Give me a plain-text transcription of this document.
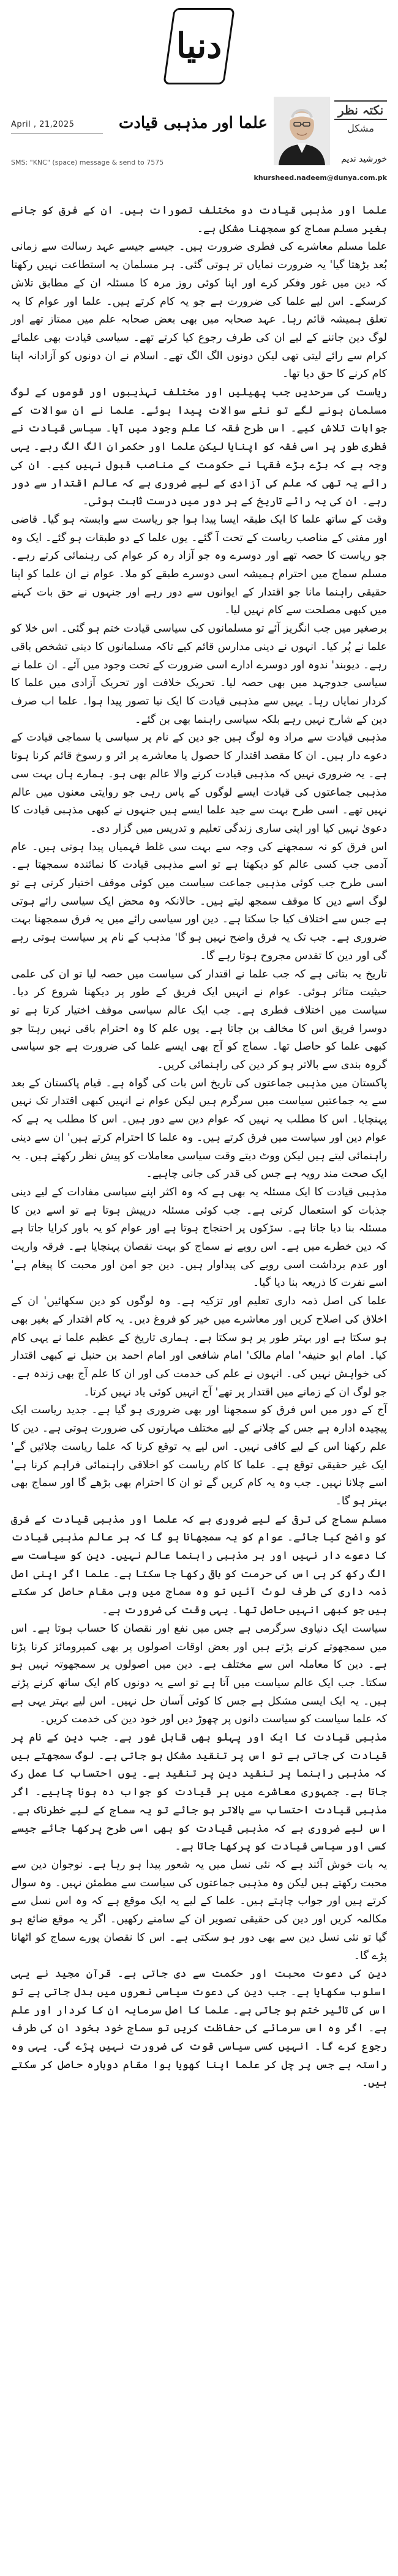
دنیا
April , 21,2025
SMS: "KNC" (space) message & send to 7575
علما اور مذہبی قیادت
نکتہ نظر
مشکل
خورشید ندیم
khursheed.nadeem@dunya.com.pk

علما اور مذہبی قیادت دو مختلف تصورات ہیں۔ ان کے فرق کو جانے بغیر مسلم سماج کو سمجھنا مشکل ہے۔

علما مسلم معاشرے کی فطری ضرورت ہیں۔ جیسے جیسے عہد رسالت سے زمانی بُعد بڑھتا گیا' یہ ضرورت نمایاں تر ہوتی گئی۔ ہر مسلمان یہ استطاعت نہیں رکھتا کہ دین میں غور وفکر کرے اور اپنا کوئی روز مرہ کا مسئلہ ان کے مطابق تلاش کرسکے۔ اس لیے علما کی ضرورت ہے جو یہ کام کرتے ہیں۔ علما اور عوام کا یہ تعلق ہمیشہ قائم رہا۔ عہد صحابہ میں بھی بعض صحابہ علم میں ممتاز تھے اور لوگ دین جاننے کے لیے ان کی طرف رجوع کیا کرتے تھے۔ سیاسی قیادت بھی علمائے کرام سے رائے لیتی تھی لیکن دونوں الگ الگ تھے۔ اسلام نے ان دونوں کو آزادانہ اپنا کام کرنے کا حق دیا تھا۔

ریاست کی سرحدیں جب پھیلیں اور مختلف تہذیبوں اور قوموں کے لوگ مسلمان ہونے لگے تو نئے سوالات پیدا ہوئے۔ علما نے ان سوالات کے جوابات تلاش کیے۔ اس طرح فقہ کا علم وجود میں آیا۔ سیاسی قیادت نے فطری طور پر اسی فقہ کو اپنایا لیکن علما اور حکمران الگ الگ رہے۔ یہی وجہ ہے کہ بڑے بڑے فقہا نے حکومت کے مناصب قبول نہیں کیے۔ ان کی رائے یہ تھی کہ علم کی آزادی کے لیے ضروری ہے کہ عالم اقتدار سے دور رہے۔ ان کی یہ رائے تاریخ کے ہر دور میں درست ثابت ہوئی۔

وقت کے ساتھ علما کا ایک طبقہ ایسا پیدا ہوا جو ریاست سے وابستہ ہو گیا۔ قاضی اور مفتی کے مناصب ریاست کے تحت آ گئے۔ یوں علما کے دو طبقات ہو گئے۔ ایک وہ جو ریاست کا حصہ تھے اور دوسرے وہ جو آزاد رہ کر عوام کی رہنمائی کرتے رہے۔ مسلم سماج میں احترام ہمیشہ اسی دوسرے طبقے کو ملا۔ عوام نے ان علما کو اپنا حقیقی راہنما مانا جو اقتدار کے ایوانوں سے دور رہے اور جنہوں نے حق بات کہنے میں کبھی مصلحت سے کام نہیں لیا۔

برصغیر میں جب انگریز آئے تو مسلمانوں کی سیاسی قیادت ختم ہو گئی۔ اس خلا کو علما نے پُر کیا۔ انہوں نے دینی مدارس قائم کیے تاکہ مسلمانوں کا دینی تشخص باقی رہے۔ دیوبند' ندوہ اور دوسرے ادارے اسی ضرورت کے تحت وجود میں آئے۔ ان علما نے سیاسی جدوجہد میں بھی حصہ لیا۔ تحریک خلافت اور تحریک آزادی میں علما کا کردار نمایاں رہا۔ یہیں سے مذہبی قیادت کا ایک نیا تصور پیدا ہوا۔ علما اب صرف دین کے شارح نہیں رہے بلکہ سیاسی راہنما بھی بن گئے۔

مذہبی قیادت سے مراد وہ لوگ ہیں جو دین کے نام پر سیاسی یا سماجی قیادت کے دعوے دار ہیں۔ ان کا مقصد اقتدار کا حصول یا معاشرے پر اثر و رسوخ قائم کرنا ہوتا ہے۔ یہ ضروری نہیں کہ مذہبی قیادت کرنے والا عالم بھی ہو۔ ہمارے ہاں بہت سی مذہبی جماعتوں کی قیادت ایسے لوگوں کے پاس رہی جو روایتی معنوں میں عالم نہیں تھے۔ اسی طرح بہت سے جید علما ایسے ہیں جنہوں نے کبھی مذہبی قیادت کا دعویٰ نہیں کیا اور اپنی ساری زندگی تعلیم و تدریس میں گزار دی۔

اس فرق کو نہ سمجھنے کی وجہ سے بہت سی غلط فہمیاں پیدا ہوتی ہیں۔ عام آدمی جب کسی عالم کو دیکھتا ہے تو اسے مذہبی قیادت کا نمائندہ سمجھتا ہے۔ اسی طرح جب کوئی مذہبی جماعت سیاست میں کوئی موقف اختیار کرتی ہے تو لوگ اسے دین کا موقف سمجھ لیتے ہیں۔ حالانکہ وہ محض ایک سیاسی رائے ہوتی ہے جس سے اختلاف کیا جا سکتا ہے۔ دین اور سیاسی رائے میں یہ فرق سمجھنا بہت ضروری ہے۔ جب تک یہ فرق واضح نہیں ہو گا' مذہب کے نام پر سیاست ہوتی رہے گی اور دین کا تقدس مجروح ہوتا رہے گا۔

تاریخ یہ بتاتی ہے کہ جب علما نے اقتدار کی سیاست میں حصہ لیا تو ان کی علمی حیثیت متاثر ہوئی۔ عوام نے انہیں ایک فریق کے طور پر دیکھنا شروع کر دیا۔ سیاست میں اختلاف فطری ہے۔ جب ایک عالم سیاسی موقف اختیار کرتا ہے تو دوسرا فریق اس کا مخالف بن جاتا ہے۔ یوں علم کا وہ احترام باقی نہیں رہتا جو کبھی علما کو حاصل تھا۔ سماج کو آج بھی ایسے علما کی ضرورت ہے جو سیاسی گروہ بندی سے بالاتر ہو کر دین کی راہنمائی کریں۔

پاکستان میں مذہبی جماعتوں کی تاریخ اس بات کی گواہ ہے۔ قیام پاکستان کے بعد سے یہ جماعتیں سیاست میں سرگرم ہیں لیکن عوام نے انہیں کبھی اقتدار تک نہیں پہنچایا۔ اس کا مطلب یہ نہیں کہ عوام دین سے دور ہیں۔ اس کا مطلب یہ ہے کہ عوام دین اور سیاست میں فرق کرتے ہیں۔ وہ علما کا احترام کرتے ہیں' ان سے دینی راہنمائی لیتے ہیں لیکن ووٹ دیتے وقت سیاسی معاملات کو پیش نظر رکھتے ہیں۔ یہ ایک صحت مند رویہ ہے جس کی قدر کی جانی چاہیے۔

مذہبی قیادت کا ایک مسئلہ یہ بھی ہے کہ وہ اکثر اپنے سیاسی مفادات کے لیے دینی جذبات کو استعمال کرتی ہے۔ جب کوئی مسئلہ درپیش ہوتا ہے تو اسے دین کا مسئلہ بنا دیا جاتا ہے۔ سڑکوں پر احتجاج ہوتا ہے اور عوام کو یہ باور کرایا جاتا ہے کہ دین خطرے میں ہے۔ اس رویے نے سماج کو بہت نقصان پہنچایا ہے۔ فرقہ واریت اور عدم برداشت اسی رویے کی پیداوار ہیں۔ دین جو امن اور محبت کا پیغام ہے' اسے نفرت کا ذریعہ بنا دیا گیا۔

علما کی اصل ذمہ داری تعلیم اور تزکیہ ہے۔ وہ لوگوں کو دین سکھائیں' ان کے اخلاق کی اصلاح کریں اور معاشرے میں خیر کو فروغ دیں۔ یہ کام اقتدار کے بغیر بھی ہو سکتا ہے اور بہتر طور پر ہو سکتا ہے۔ ہماری تاریخ کے عظیم علما نے یہی کام کیا۔ امام ابو حنیفہ' امام مالک' امام شافعی اور امام احمد بن حنبل نے کبھی اقتدار کی خواہش نہیں کی۔ انہوں نے علم کی خدمت کی اور ان کا علم آج بھی زندہ ہے۔ جو لوگ ان کے زمانے میں اقتدار پر تھے' آج انہیں کوئی یاد نہیں کرتا۔

آج کے دور میں اس فرق کو سمجھنا اور بھی ضروری ہو گیا ہے۔ جدید ریاست ایک پیچیدہ ادارہ ہے جس کے چلانے کے لیے مختلف مہارتوں کی ضرورت ہوتی ہے۔ دین کا علم رکھنا اس کے لیے کافی نہیں۔ اس لیے یہ توقع کرنا کہ علما ریاست چلائیں گے' ایک غیر حقیقی توقع ہے۔ علما کا کام ریاست کو اخلاقی راہنمائی فراہم کرنا ہے' اسے چلانا نہیں۔ جب وہ یہ کام کریں گے تو ان کا احترام بھی بڑھے گا اور سماج بھی بہتر ہو گا۔

مسلم سماج کی ترقی کے لیے ضروری ہے کہ علما اور مذہبی قیادت کے فرق کو واضح کیا جائے۔ عوام کو یہ سمجھانا ہو گا کہ ہر عالم مذہبی قیادت کا دعوے دار نہیں اور ہر مذہبی راہنما عالم نہیں۔ دین کو سیاست سے الگ رکھ کر ہی اس کی حرمت کو باقی رکھا جا سکتا ہے۔ علما اگر اپنی اصل ذمہ داری کی طرف لوٹ آئیں تو وہ سماج میں وہی مقام حاصل کر سکتے ہیں جو کبھی انہیں حاصل تھا۔ یہی وقت کی ضرورت ہے۔

سیاست ایک دنیاوی سرگرمی ہے جس میں نفع اور نقصان کا حساب ہوتا ہے۔ اس میں سمجھوتے کرنے پڑتے ہیں اور بعض اوقات اصولوں پر بھی کمپرومائز کرنا پڑتا ہے۔ دین کا معاملہ اس سے مختلف ہے۔ دین میں اصولوں پر سمجھوتہ نہیں ہو سکتا۔ جب ایک عالم سیاست میں آتا ہے تو اسے یہ دونوں کام ایک ساتھ کرنے پڑتے ہیں۔ یہ ایک ایسی مشکل ہے جس کا کوئی آسان حل نہیں۔ اس لیے بہتر یہی ہے کہ علما سیاست کو سیاست دانوں پر چھوڑ دیں اور خود دین کی خدمت کریں۔

مذہبی قیادت کا ایک اور پہلو بھی قابل غور ہے۔ جب دین کے نام پر قیادت کی جاتی ہے تو اس پر تنقید مشکل ہو جاتی ہے۔ لوگ سمجھتے ہیں کہ مذہبی راہنما پر تنقید دین پر تنقید ہے۔ یوں احتساب کا عمل رک جاتا ہے۔ جمہوری معاشرے میں ہر قیادت کو جواب دہ ہونا چاہیے۔ اگر مذہبی قیادت احتساب سے بالاتر ہو جائے تو یہ سماج کے لیے خطرناک ہے۔ اس لیے ضروری ہے کہ مذہبی قیادت کو بھی اسی طرح پرکھا جائے جیسے کسی اور سیاسی قیادت کو پرکھا جاتا ہے۔

یہ بات خوش آئند ہے کہ نئی نسل میں یہ شعور پیدا ہو رہا ہے۔ نوجوان دین سے محبت رکھتے ہیں لیکن وہ مذہبی جماعتوں کی سیاست سے مطمئن نہیں۔ وہ سوال کرتے ہیں اور جواب چاہتے ہیں۔ علما کے لیے یہ ایک موقع ہے کہ وہ اس نسل سے مکالمہ کریں اور دین کی حقیقی تصویر ان کے سامنے رکھیں۔ اگر یہ موقع ضائع ہو گیا تو نئی نسل دین سے بھی دور ہو سکتی ہے۔ اس کا نقصان پورے سماج کو اٹھانا پڑے گا۔

دین کی دعوت محبت اور حکمت سے دی جاتی ہے۔ قرآن مجید نے یہی اسلوب سکھایا ہے۔ جب دین کی دعوت سیاسی نعروں میں بدل جاتی ہے تو اس کی تاثیر ختم ہو جاتی ہے۔ علما کا اصل سرمایہ ان کا کردار اور علم ہے۔ اگر وہ اس سرمائے کی حفاظت کریں تو سماج خود بخود ان کی طرف رجوع کرے گا۔ انہیں کسی سیاسی قوت کی ضرورت نہیں پڑے گی۔ یہی وہ راستہ ہے جس پر چل کر علما اپنا کھویا ہوا مقام دوبارہ حاصل کر سکتے ہیں۔
